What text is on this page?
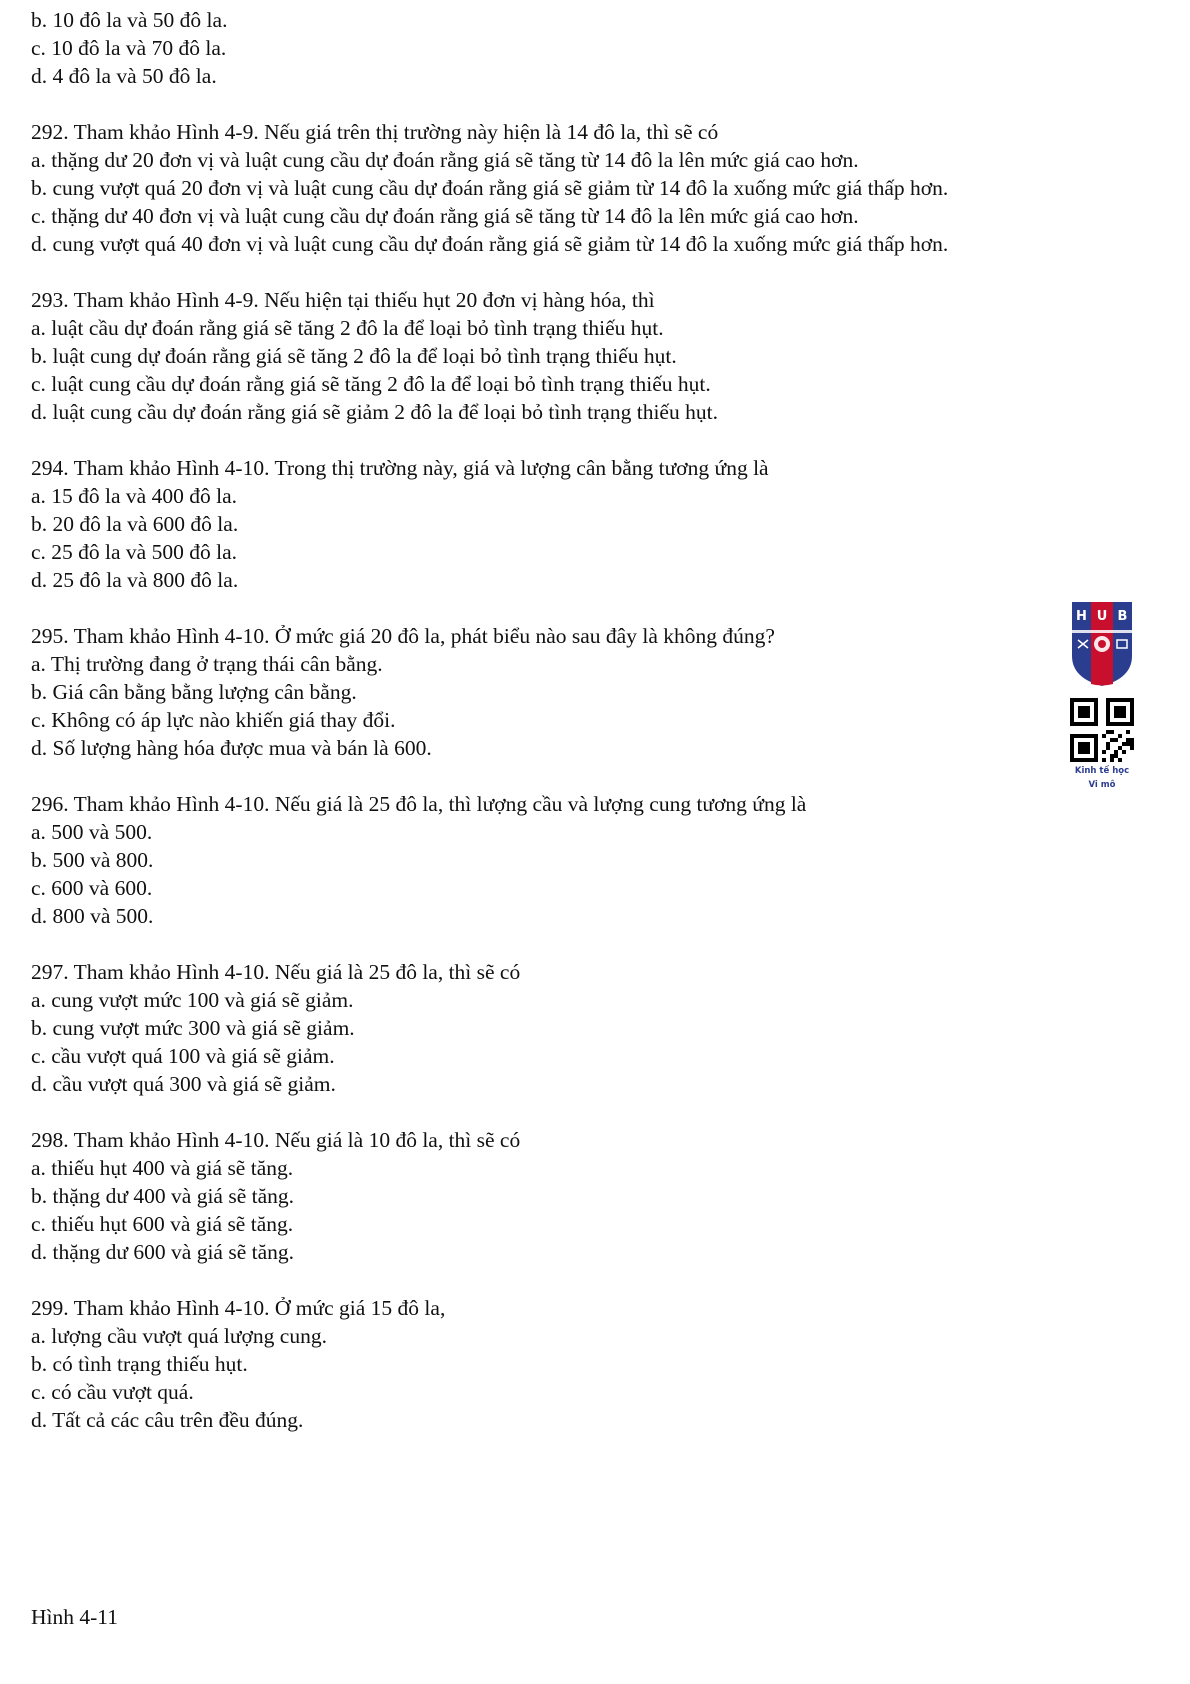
b. 10 đô la và 50 đô la.
c. 10 đô la và 70 đô la.
d. 4 đô la và 50 đô la.
292. Tham khảo Hình 4-9. Nếu giá trên thị trường này hiện là 14 đô la, thì sẽ có
a. thặng dư 20 đơn vị và luật cung cầu dự đoán rằng giá sẽ tăng từ 14 đô la lên mức giá cao hơn.
b. cung vượt quá 20 đơn vị và luật cung cầu dự đoán rằng giá sẽ giảm từ 14 đô la xuống mức giá thấp hơn.
c. thặng dư 40 đơn vị và luật cung cầu dự đoán rằng giá sẽ tăng từ 14 đô la lên mức giá cao hơn.
d. cung vượt quá 40 đơn vị và luật cung cầu dự đoán rằng giá sẽ giảm từ 14 đô la xuống mức giá thấp hơn.
293. Tham khảo Hình 4-9. Nếu hiện tại thiếu hụt 20 đơn vị hàng hóa, thì
a. luật cầu dự đoán rằng giá sẽ tăng 2 đô la để loại bỏ tình trạng thiếu hụt.
b. luật cung dự đoán rằng giá sẽ tăng 2 đô la để loại bỏ tình trạng thiếu hụt.
c. luật cung cầu dự đoán rằng giá sẽ tăng 2 đô la để loại bỏ tình trạng thiếu hụt.
d. luật cung cầu dự đoán rằng giá sẽ giảm 2 đô la để loại bỏ tình trạng thiếu hụt.
294. Tham khảo Hình 4-10. Trong thị trường này, giá và lượng cân bằng tương ứng là
a. 15 đô la và 400 đô la.
b. 20 đô la và 600 đô la.
c. 25 đô la và 500 đô la.
d. 25 đô la và 800 đô la.
295. Tham khảo Hình 4-10. Ở mức giá 20 đô la, phát biểu nào sau đây là không đúng?
a. Thị trường đang ở trạng thái cân bằng.
b. Giá cân bằng bằng lượng cân bằng.
c. Không có áp lực nào khiến giá thay đổi.
d. Số lượng hàng hóa được mua và bán là 600.
296. Tham khảo Hình 4-10. Nếu giá là 25 đô la, thì lượng cầu và lượng cung tương ứng là
a. 500 và 500.
b. 500 và 800.
c. 600 và 600.
d. 800 và 500.
297. Tham khảo Hình 4-10. Nếu giá là 25 đô la, thì sẽ có
a. cung vượt mức 100 và giá sẽ giảm.
b. cung vượt mức 300 và giá sẽ giảm.
c. cầu vượt quá 100 và giá sẽ giảm.
d. cầu vượt quá 300 và giá sẽ giảm.
298. Tham khảo Hình 4-10. Nếu giá là 10 đô la, thì sẽ có
a. thiếu hụt 400 và giá sẽ tăng.
b. thặng dư 400 và giá sẽ tăng.
c. thiếu hụt 600 và giá sẽ tăng.
d. thặng dư 600 và giá sẽ tăng.
299. Tham khảo Hình 4-10. Ở mức giá 15 đô la,
a. lượng cầu vượt quá lượng cung.
b. có tình trạng thiếu hụt.
c. có cầu vượt quá.
d. Tất cả các câu trên đều đúng.
Hình 4-11
H U B
Kinh tế học
Vi mô
